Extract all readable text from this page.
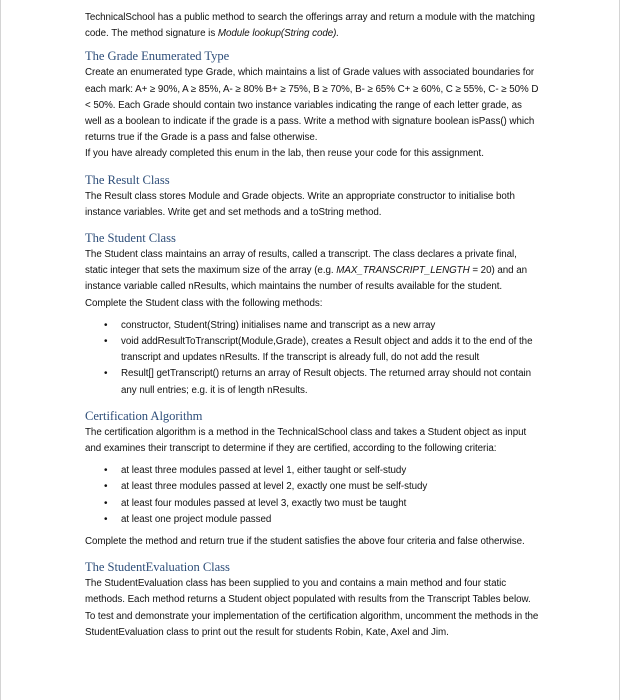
TechnicalSchool has a public method to search the offerings array and return a module with the matching code. The method signature is Module lookup(String code).

The Grade Enumerated Type

Create an enumerated type Grade, which maintains a list of Grade values with associated boundaries for each mark: A+ ≥ 90%, A ≥ 85%, A- ≥ 80% B+ ≥ 75%, B ≥ 70%, B- ≥ 65% C+ ≥ 60%, C ≥ 55%, C- ≥ 50% D < 50%. Each Grade should contain two instance variables indicating the range of each letter grade, as well as a boolean to indicate if the grade is a pass. Write a method with signature boolean isPass() which returns true if the Grade is a pass and false otherwise.

If you have already completed this enum in the lab, then reuse your code for this assignment.

The Result Class

The Result class stores Module and Grade objects. Write an appropriate constructor to initialise both instance variables. Write get and set methods and a toString method.

The Student Class

The Student class maintains an array of results, called a transcript. The class declares a private final, static integer that sets the maximum size of the array (e.g. MAX_TRANSCRIPT_LENGTH = 20) and an instance variable called nResults, which maintains the number of results available for the student.

Complete the Student class with the following methods:

• constructor, Student(String) initialises name and transcript as a new array
• void addResultToTranscript(Module,Grade), creates a Result object and adds it to the end of the transcript and updates nResults. If the transcript is already full, do not add the result
• Result[] getTranscript() returns an array of Result objects. The returned array should not contain any null entries; e.g. it is of length nResults.
Certification Algorithm

The certification algorithm is a method in the TechnicalSchool class and takes a Student object as input and examines their transcript to determine if they are certified, according to the following criteria:

• at least three modules passed at level 1, either taught or self-study
• at least three modules passed at level 2, exactly one must be self-study
• at least four modules passed at level 3, exactly two must be taught
• at least one project module passed

Complete the method and return true if the student satisfies the above four criteria and false otherwise.

The StudentEvaluation Class

The StudentEvaluation class has been supplied to you and contains a main method and four static methods. Each method returns a Student object populated with results from the Transcript Tables below. To test and demonstrate your implementation of the certification algorithm, uncomment the methods in the StudentEvaluation class to print out the result for students Robin, Kate, Axel and Jim.
